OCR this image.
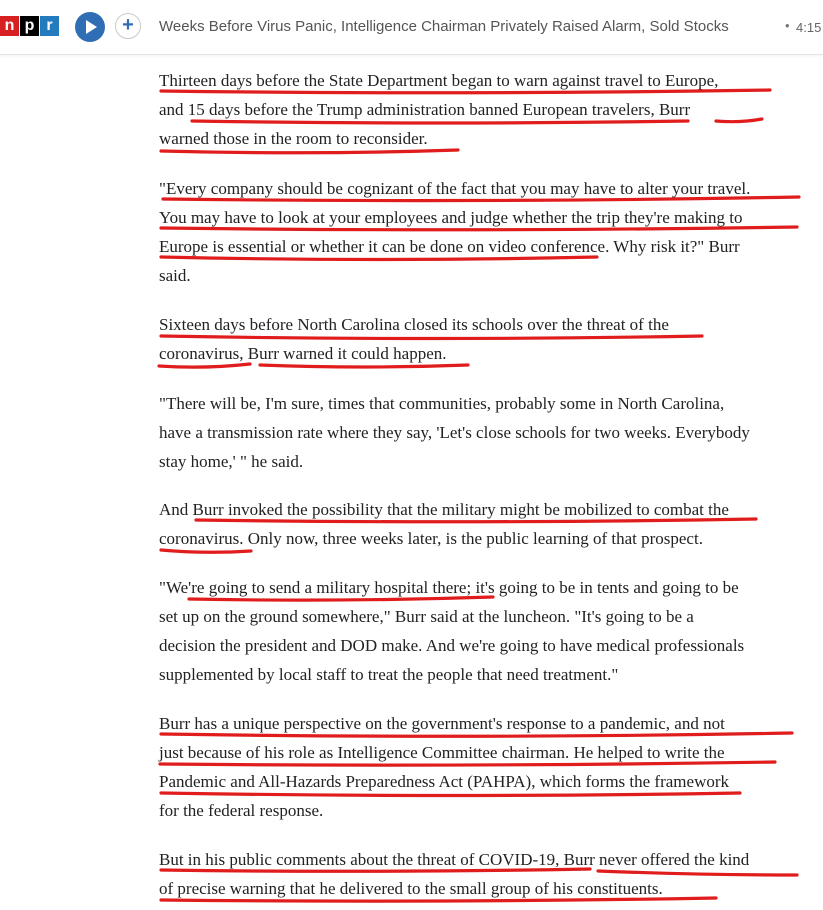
n p r	+	Weeks Before Virus Panic, Intelligence Chairman Privately Raised Alarm, Sold Stocks	• 4:15

Thirteen days before the State Department began to warn against travel to Europe,
and 15 days before the Trump administration banned European travelers, Burr
warned those in the room to reconsider.

"Every company should be cognizant of the fact that you may have to alter your travel.
You may have to look at your employees and judge whether the trip they're making to
Europe is essential or whether it can be done on video conference. Why risk it?" Burr
said.

Sixteen days before North Carolina closed its schools over the threat of the
coronavirus, Burr warned it could happen.

"There will be, I'm sure, times that communities, probably some in North Carolina,
have a transmission rate where they say, 'Let's close schools for two weeks. Everybody
stay home,' " he said.

And Burr invoked the possibility that the military might be mobilized to combat the
coronavirus. Only now, three weeks later, is the public learning of that prospect.

"We're going to send a military hospital there; it's going to be in tents and going to be
set up on the ground somewhere," Burr said at the luncheon. "It's going to be a
decision the president and DOD make. And we're going to have medical professionals
supplemented by local staff to treat the people that need treatment."

Burr has a unique perspective on the government's response to a pandemic, and not
just because of his role as Intelligence Committee chairman. He helped to write the
Pandemic and All-Hazards Preparedness Act (PAHPA), which forms the framework
for the federal response.

But in his public comments about the threat of COVID-19, Burr never offered the kind
of precise warning that he delivered to the small group of his constituents.
